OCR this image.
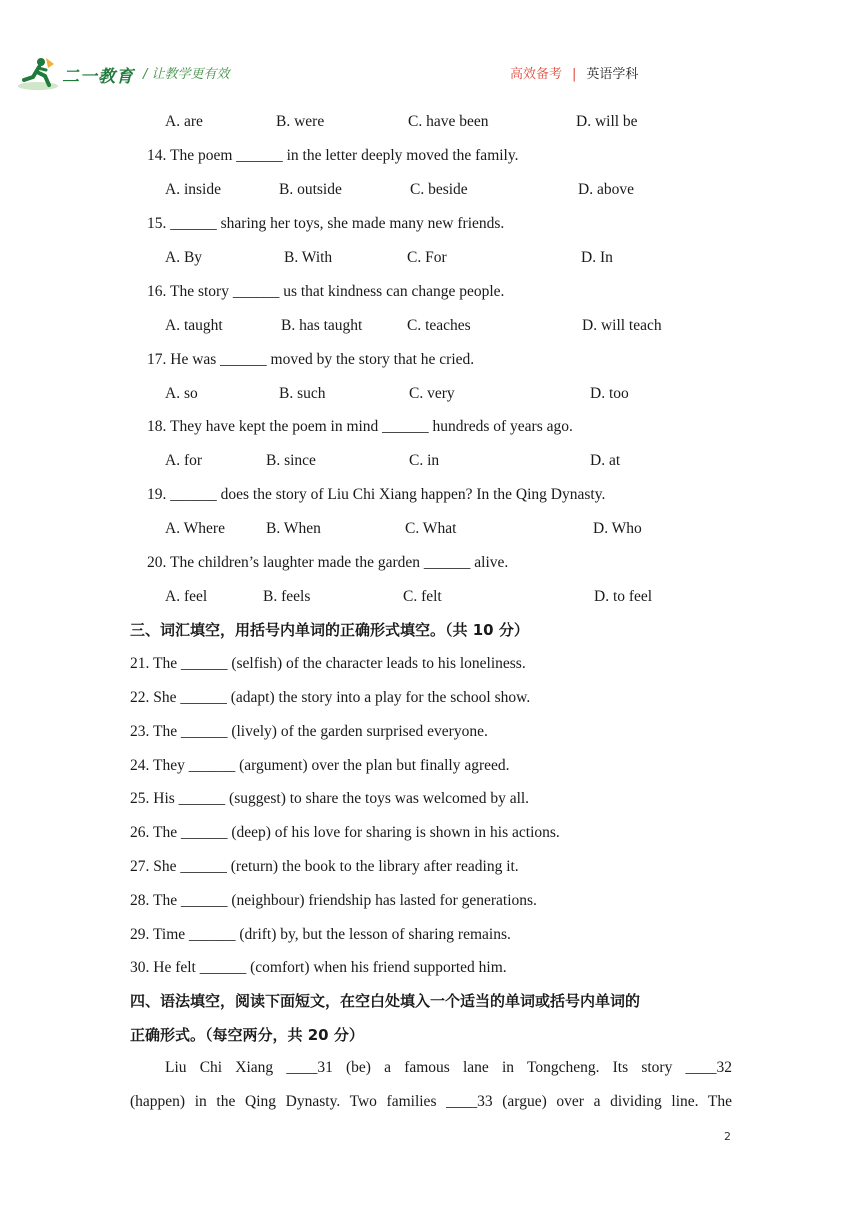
二一教育 / 让教学更有效	高效备考 | 英语学科
A. are	B. were	C. have been	D. will be
14. The poem ______ in the letter deeply moved the family.
A. inside	B. outside	C. beside	D. above
15. ______ sharing her toys, she made many new friends.
A. By	B. With	C. For	D. In
16. The story ______ us that kindness can change people.
A. taught	B. has taught	C. teaches	D. will teach
17. He was ______ moved by the story that he cried.
A. so	B. such	C. very	D. too
18. They have kept the poem in mind ______ hundreds of years ago.
A. for	B. since	C. in	D. at
19. ______ does the story of Liu Chi Xiang happen? In the Qing Dynasty.
A. Where	B. When	C. What	D. Who
20. The children’s laughter made the garden ______ alive.
A. feel	B. feels	C. felt	D. to feel
三、词汇填空，用括号内单词的正确形式填空。（共 10 分）
21. The ______ (selfish) of the character leads to his loneliness.
22. She ______ (adapt) the story into a play for the school show.
23. The ______ (lively) of the garden surprised everyone.
24. They ______ (argument) over the plan but finally agreed.
25. His ______ (suggest) to share the toys was welcomed by all.
26. The ______ (deep) of his love for sharing is shown in his actions.
27. She ______ (return) the book to the library after reading it.
28. The ______ (neighbour) friendship has lasted for generations.
29. Time ______ (drift) by, but the lesson of sharing remains.
30. He felt ______ (comfort) when his friend supported him.
四、语法填空，阅读下面短文，在空白处填入一个适当的单词或括号内单词的
正确形式。（每空两分，共 20 分）
Liu Chi Xiang ____31 (be) a famous lane in Tongcheng. Its story ____32
(happen) in the Qing Dynasty. Two families ____33 (argue) over a dividing line. The
2
